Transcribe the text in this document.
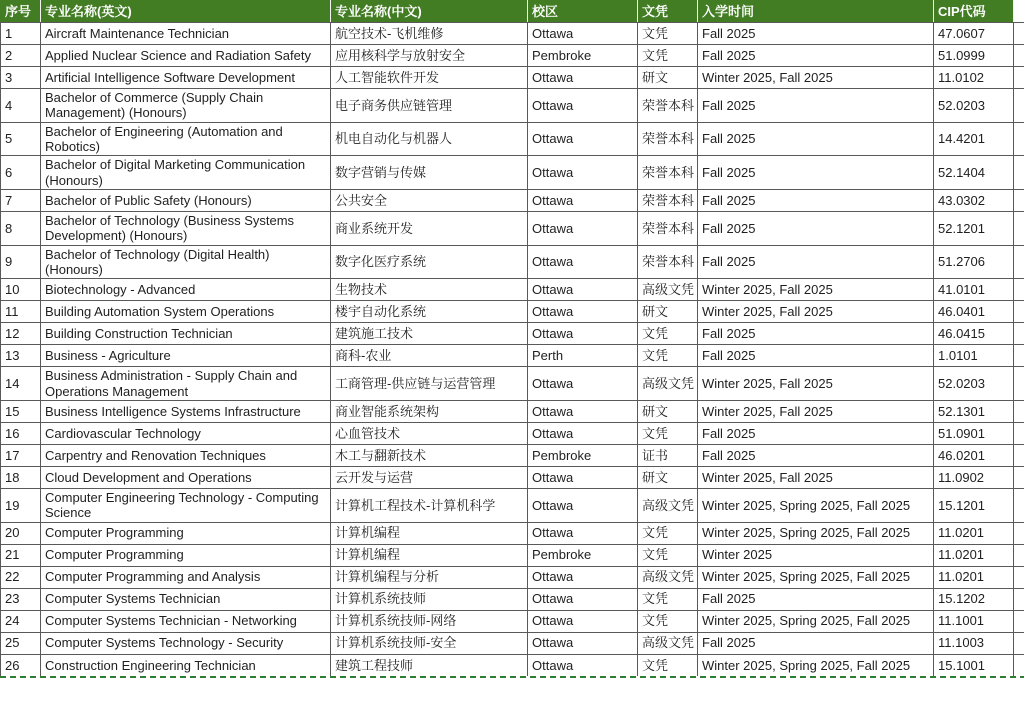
序号	专业名称(英文)	专业名称(中文)	校区	文凭	入学时间	CIP代码	
1	Aircraft Maintenance Technician	航空技术-飞机维修	Ottawa	文凭	Fall 2025	47.0607	
2	Applied Nuclear Science and Radiation Safety	应用核科学与放射安全	Pembroke	文凭	Fall 2025	51.0999	
3	Artificial Intelligence Software Development	人工智能软件开发	Ottawa	研文	Winter 2025, Fall 2025	11.0102	
4	Bachelor of Commerce (Supply Chain Management) (Honours)	电子商务供应链管理	Ottawa	荣誉本科	Fall 2025	52.0203	
5	Bachelor of Engineering (Automation and Robotics)	机电自动化与机器人	Ottawa	荣誉本科	Fall 2025	14.4201	
6	Bachelor of Digital Marketing Communication (Honours)	数字营销与传媒	Ottawa	荣誉本科	Fall 2025	52.1404	
7	Bachelor of Public Safety (Honours)	公共安全	Ottawa	荣誉本科	Fall 2025	43.0302	
8	Bachelor of Technology (Business Systems Development) (Honours)	商业系统开发	Ottawa	荣誉本科	Fall 2025	52.1201	
9	Bachelor of Technology (Digital Health) (Honours)	数字化医疗系统	Ottawa	荣誉本科	Fall 2025	51.2706	
10	Biotechnology - Advanced	生物技术	Ottawa	高级文凭	Winter 2025, Fall 2025	41.0101	
11	Building Automation System Operations	楼宇自动化系统	Ottawa	研文	Winter 2025, Fall 2025	46.0401	
12	Building Construction Technician	建筑施工技术	Ottawa	文凭	Fall 2025	46.0415	
13	Business - Agriculture	商科-农业	Perth	文凭	Fall 2025	1.0101	
14	Business Administration - Supply Chain and Operations Management	工商管理-供应链与运营管理	Ottawa	高级文凭	Winter 2025, Fall 2025	52.0203	
15	Business Intelligence Systems Infrastructure	商业智能系统架构	Ottawa	研文	Winter 2025, Fall 2025	52.1301	
16	Cardiovascular Technology	心血管技术	Ottawa	文凭	Fall 2025	51.0901	
17	Carpentry and Renovation Techniques	木工与翻新技术	Pembroke	证书	Fall 2025	46.0201	
18	Cloud Development and Operations	云开发与运营	Ottawa	研文	Winter 2025, Fall 2025	11.0902	
19	Computer Engineering Technology - Computing Science	计算机工程技术-计算机科学	Ottawa	高级文凭	Winter 2025, Spring 2025, Fall 2025	15.1201	
20	Computer Programming	计算机编程	Ottawa	文凭	Winter 2025, Spring 2025, Fall 2025	11.0201	
21	Computer Programming	计算机编程	Pembroke	文凭	Winter 2025	11.0201	
22	Computer Programming and Analysis	计算机编程与分析	Ottawa	高级文凭	Winter 2025, Spring 2025, Fall 2025	11.0201	
23	Computer Systems Technician	计算机系统技师	Ottawa	文凭	Fall 2025	15.1202	
24	Computer Systems Technician - Networking	计算机系统技师-网络	Ottawa	文凭	Winter 2025, Spring 2025, Fall 2025	11.1001	
25	Computer Systems Technology - Security	计算机系统技师-安全	Ottawa	高级文凭	Fall 2025	11.1003	
26	Construction Engineering Technician	建筑工程技师	Ottawa	文凭	Winter 2025, Spring 2025, Fall 2025	15.1001	
